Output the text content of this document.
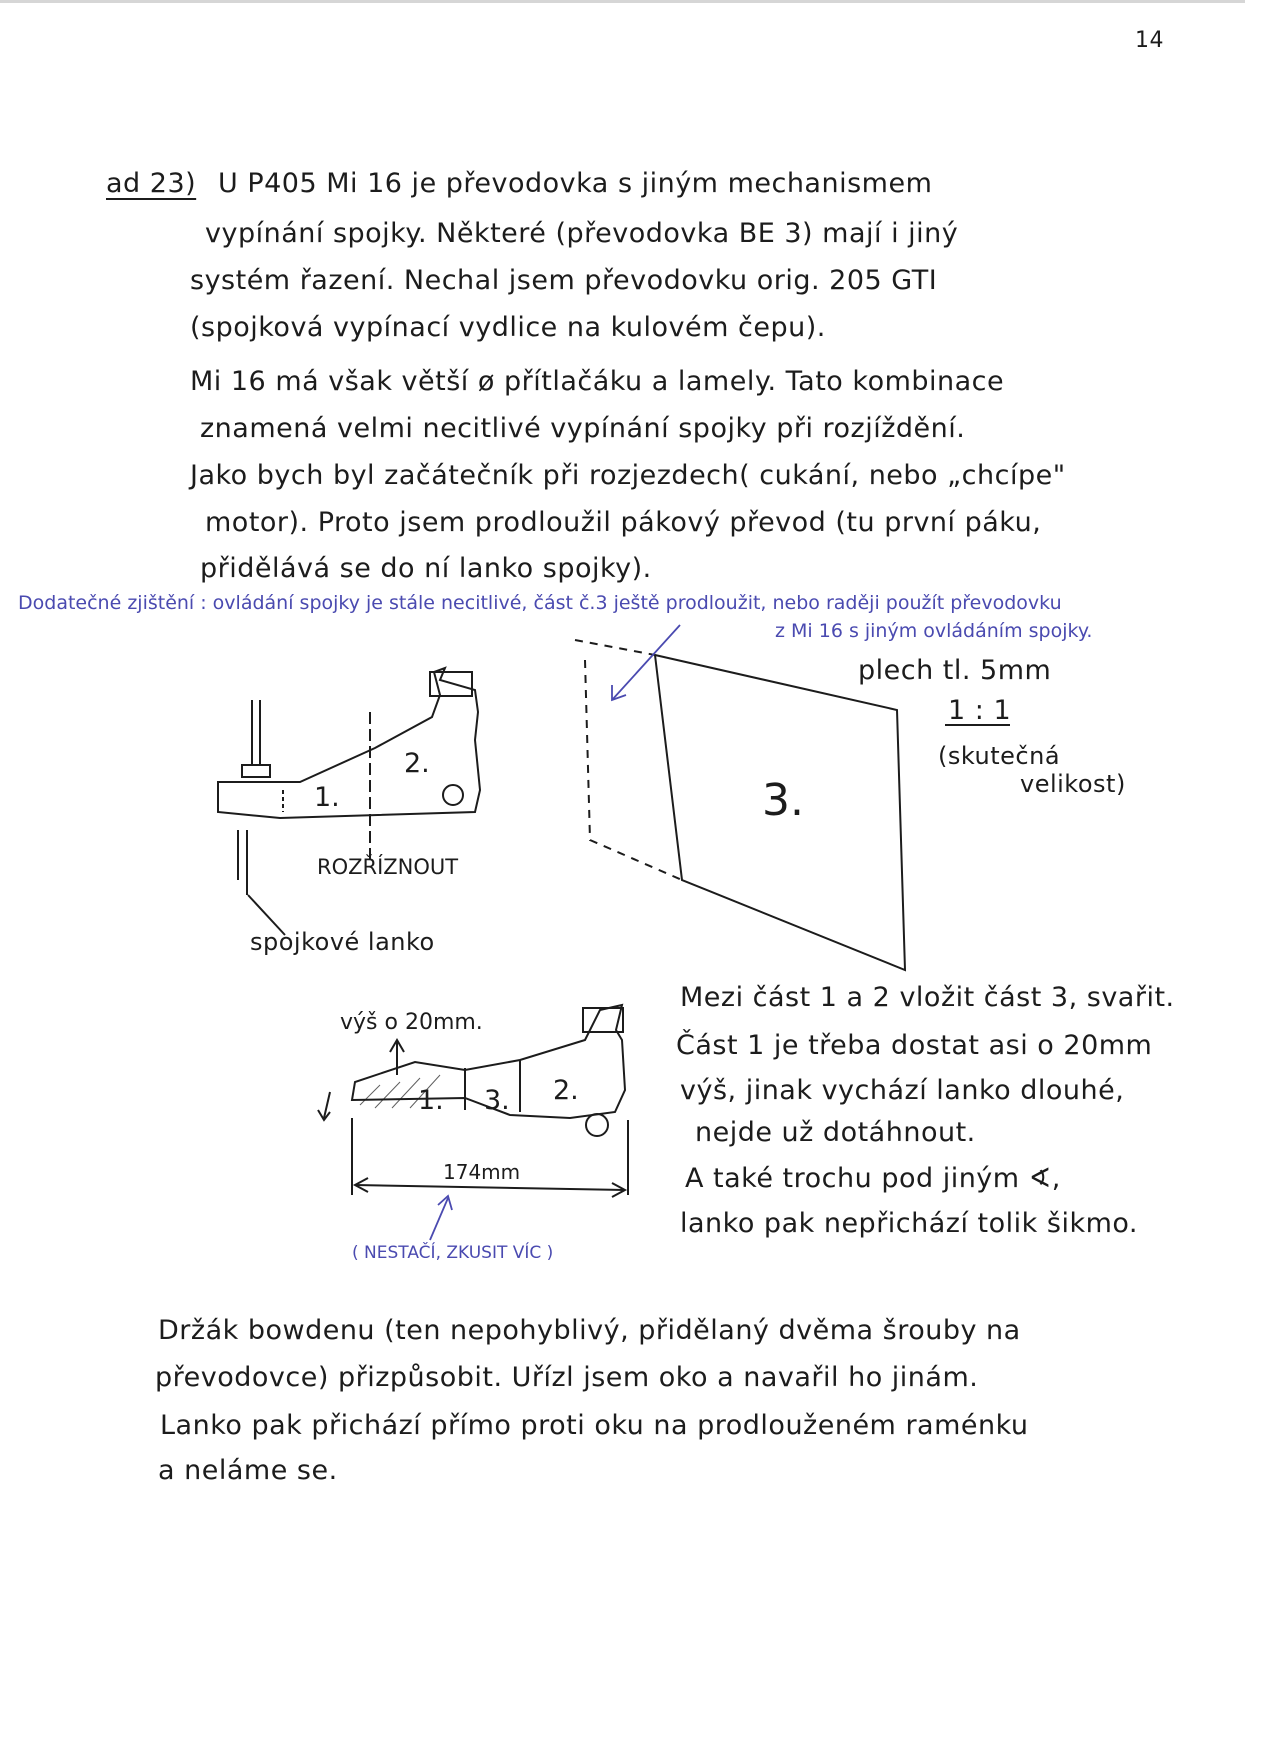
14
ad 23) U P405 Mi 16 je převodovka s jiným mechanismem
vypínání spojky. Některé (převodovka BE 3) mají i jiný
systém řazení. Nechal jsem převodovku orig. 205 GTI
(spojková vypínací vydlice na kulovém čepu).
Mi 16 má však větší ø přítlačáku a lamely. Tato kombinace
znamená velmi necitlivé vypínání spojky při rozjíždění.
Jako bych byl začátečník při rozjezdech( cukání, nebo „chcípe"
motor). Proto jsem prodloužil pákový převod (tu první páku,
přidělává se do ní lanko spojky).
Dodatečné zjištění : ovládání spojky je stále necitlivé, část č.3 ještě prodloužit, nebo raději použít převodovku
z Mi 16 s jiným ovládáním spojky.
2.
1.
ROZŘÍZNOUT
spojkové lanko
plech tl. 5mm
1 : 1
(skutečná
velikost)
3.
výš o 20mm.
1. 3. 2.
174mm
( NESTAČÍ, ZKUSIT VÍC )
Mezi část 1 a 2 vložit část 3, svařit.
Část 1 je třeba dostat asi o 20mm
výš, jinak vychází lanko dlouhé,
nejde už dotáhnout.
A také trochu pod jiným ∢,
lanko pak nepřichází tolik šikmo.
Držák bowdenu (ten nepohyblivý, přidělaný dvěma šrouby na
převodovce) přizpůsobit. Uřízl jsem oko a navařil ho jinám.
Lanko pak přichází přímo proti oku na prodlouženém raménku
a neláme se.
